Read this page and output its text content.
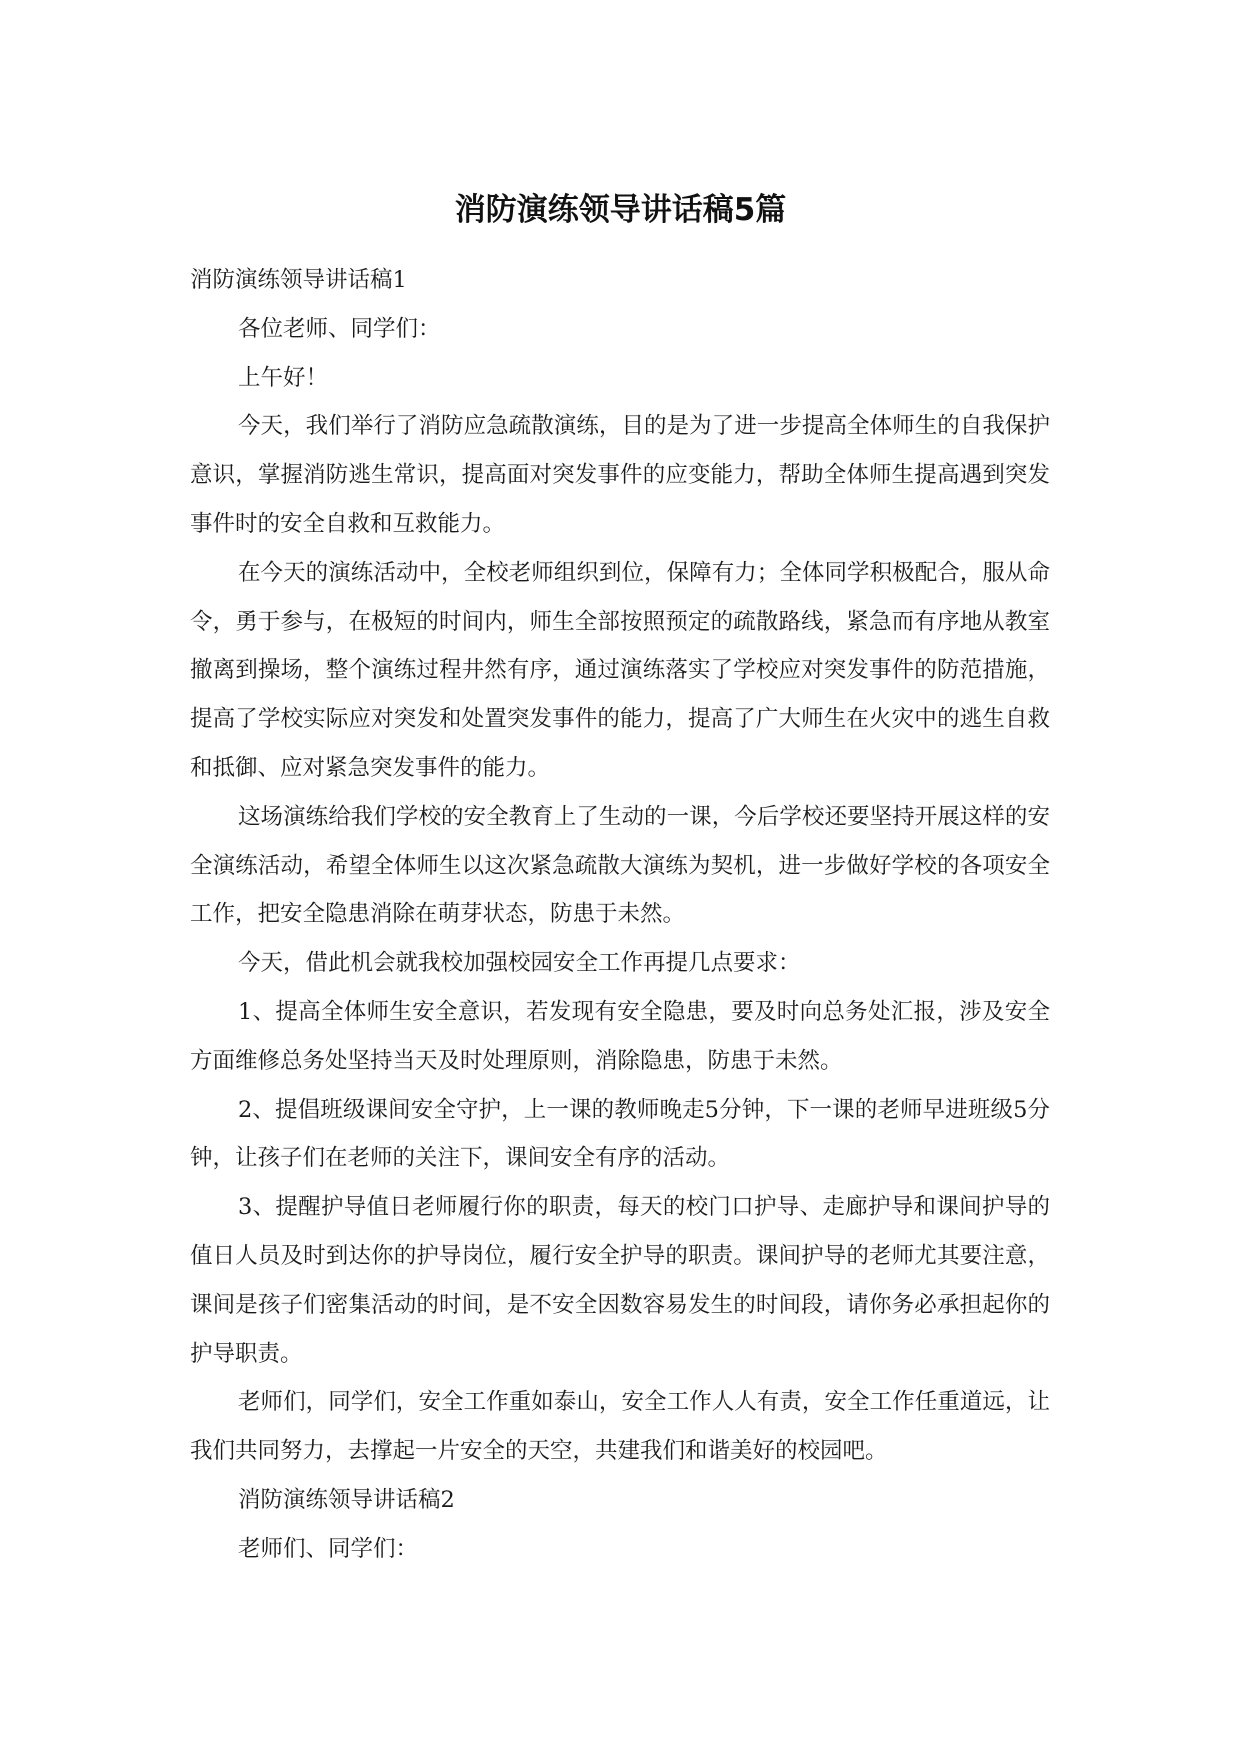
消防演练领导讲话稿5篇

消防演练领导讲话稿1

各位老师、同学们：

上午好！

今天，我们举行了消防应急疏散演练，目的是为了进一步提高全体师生的自我保护意识，掌握消防逃生常识，提高面对突发事件的应变能力，帮助全体师生提高遇到突发事件时的安全自救和互救能力。

在今天的演练活动中，全校老师组织到位，保障有力；全体同学积极配合，服从命令，勇于参与，在极短的时间内，师生全部按照预定的疏散路线，紧急而有序地从教室撤离到操场，整个演练过程井然有序，通过演练落实了学校应对突发事件的防范措施，提高了学校实际应对突发和处置突发事件的能力，提高了广大师生在火灾中的逃生自救和抵御、应对紧急突发事件的能力。

这场演练给我们学校的安全教育上了生动的一课，今后学校还要坚持开展这样的安全演练活动，希望全体师生以这次紧急疏散大演练为契机，进一步做好学校的各项安全工作，把安全隐患消除在萌芽状态，防患于未然。

今天，借此机会就我校加强校园安全工作再提几点要求：

1、提高全体师生安全意识，若发现有安全隐患，要及时向总务处汇报，涉及安全方面维修总务处坚持当天及时处理原则，消除隐患，防患于未然。

2、提倡班级课间安全守护，上一课的教师晚走5分钟，下一课的老师早进班级5分钟，让孩子们在老师的关注下，课间安全有序的活动。

3、提醒护导值日老师履行你的职责，每天的校门口护导、走廊护导和课间护导的值日人员及时到达你的护导岗位，履行安全护导的职责。课间护导的老师尤其要注意，课间是孩子们密集活动的时间，是不安全因数容易发生的时间段，请你务必承担起你的护导职责。

老师们，同学们，安全工作重如泰山，安全工作人人有责，安全工作任重道远，让我们共同努力，去撑起一片安全的天空，共建我们和谐美好的校园吧。

消防演练领导讲话稿2

老师们、同学们：
